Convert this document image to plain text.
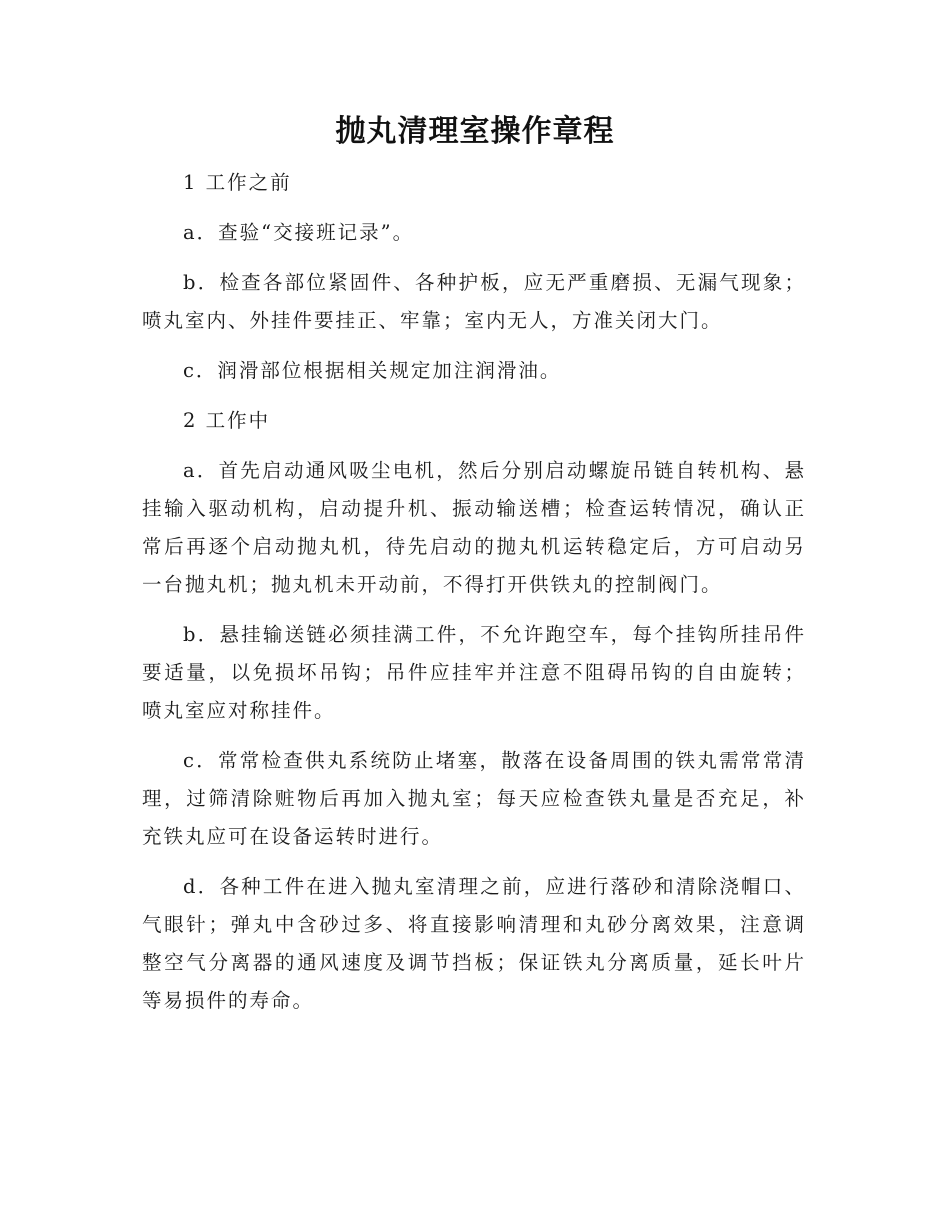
抛丸清理室操作章程

1 工作之前

a．查验“交接班记录”。

b．检查各部位紧固件、各种护板，应无严重磨损、无漏气现象；喷丸室内、外挂件要挂正、牢靠；室内无人，方准关闭大门。

c．润滑部位根据相关规定加注润滑油。

2 工作中

a．首先启动通风吸尘电机，然后分别启动螺旋吊链自转机构、悬挂输入驱动机构，启动提升机、振动输送槽；检查运转情况，确认正常后再逐个启动抛丸机，待先启动的抛丸机运转稳定后，方可启动另一台抛丸机；抛丸机未开动前，不得打开供铁丸的控制阀门。

b．悬挂输送链必须挂满工件，不允许跑空车，每个挂钩所挂吊件要适量，以免损坏吊钩；吊件应挂牢并注意不阻碍吊钩的自由旋转；喷丸室应对称挂件。

c．常常检查供丸系统防止堵塞，散落在设备周围的铁丸需常常清理，过筛清除赃物后再加入抛丸室；每天应检查铁丸量是否充足，补充铁丸应可在设备运转时进行。

d．各种工件在进入抛丸室清理之前，应进行落砂和清除浇帽口、气眼针；弹丸中含砂过多、将直接影响清理和丸砂分离效果，注意调整空气分离器的通风速度及调节挡板；保证铁丸分离质量，延长叶片等易损件的寿命。
